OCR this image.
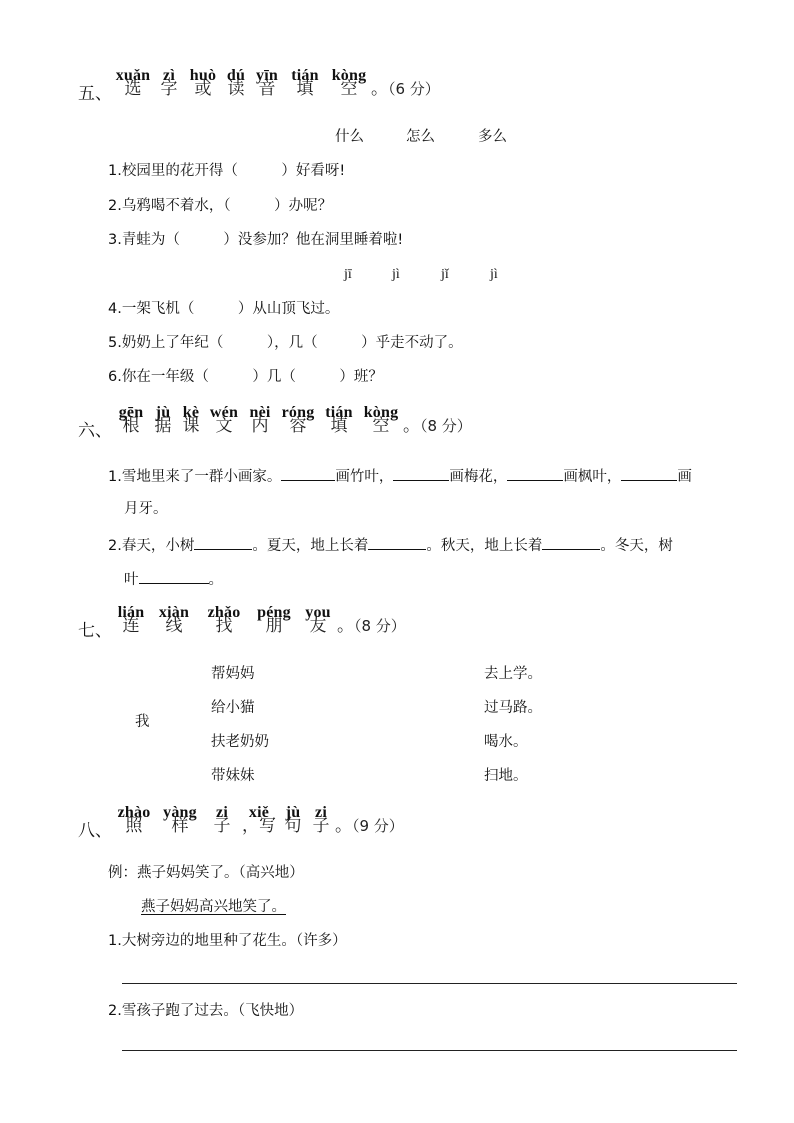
五、
xuǎn zì huò dú yīn tián kòng
选 字 或 读 音 填 空 。（6 分）
什么	怎么	多么
1.校园里的花开得（　　　）好看呀!
2.乌鸦喝不着水，（　　　）办呢？
3.青蛙为（　　　）没参加？他在洞里睡着啦!
jī	jì	jǐ	jì
4.一架飞机（　　　）从山顶飞过。
5.奶奶上了年纪（　　　），几（　　　）乎走不动了。
6.你在一年级（　　　）几（　　　）班？
六、
gēn jù kè wén nèi róng tián kòng
根 据 课 文 内 容 填 空 。（8 分）
1.雪地里来了一群小画家。	画竹叶，	画梅花，	画枫叶，	画
月牙。
2.春天，小树	。夏天，地上长着	。秋天，地上长着	。冬天，树
叶	。
七、
lián xiàn zhǎo péng you
连 线 找 朋 友 。（8 分）
我
帮妈妈
给小猫
扶老奶奶
带妹妹
去上学。
过马路。
喝水。
扫地。
八、
zhào yàng zi xiě jù zi
照 样 子 ，写 句 子 。（9 分）
例：燕子妈妈笑了。（高兴地）
燕子妈妈高兴地笑了。
1.大树旁边的地里种了花生。（许多）
2.雪孩子跑了过去。（飞快地）
